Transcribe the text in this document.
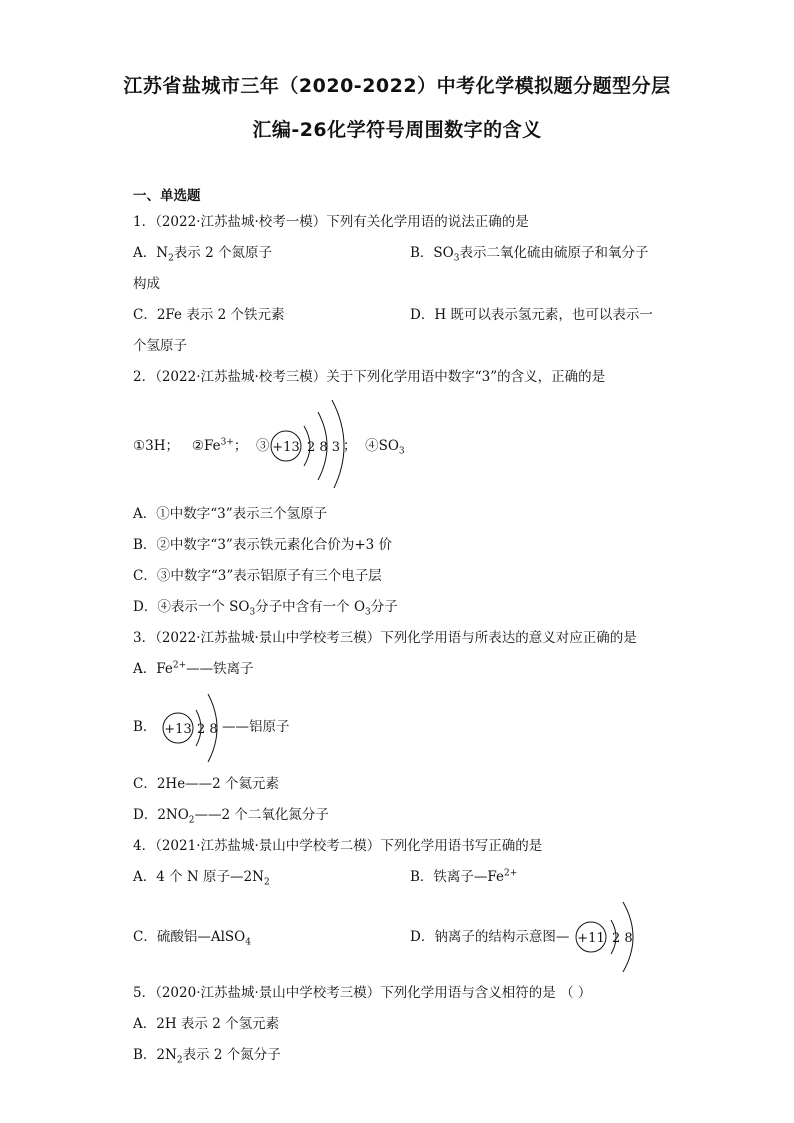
江苏省盐城市三年（2020-2022）中考化学模拟题分题型分层
汇编-26化学符号周围数字的含义
一、单选题
1．（2022·江苏盐城·校考一模）下列有关化学用语的说法正确的是
A．$N_2$表示 2 个氮原子	B．$SO_3$表示二氧化硫由硫原子和氧分子
构成
C．2Fe 表示 2 个铁元素	D．H 既可以表示氢元素，也可以表示一
个氢原子
2．（2022·江苏盐城·校考三模）关于下列化学用语中数字“3”的含义，正确的是
①3H； $②Fe^{3+}$； ③ +13 2 8 3 ； $④SO_3$
A．①中数字“3”表示三个氢原子
B．②中数字“3”表示铁元素化合价为+3 价
C．③中数字“3”表示铝原子有三个电子层
D．④表示一个 $SO_3$分子中含有一个 $O_3$分子
3．（2022·江苏盐城·景山中学校考三模）下列化学用语与所表达的意义对应正确的是
A．$Fe^{2+}——$铁离子
B． +13 2 8 ——铝原子
C．2He——2 个氦元素
D．$2NO_2——2$ 个二氧化氮分子
4．（2021·江苏盐城·景山中学校考二模）下列化学用语书写正确的是
A．4 个 N 原子$—2N_2$	B．铁离子$—Fe^{2+}$
C．硫酸铝—AlSO$_4$	D．钠离子的结构示意图— +11 2 8
5．（2020·江苏盐城·景山中学校考三模）下列化学用语与含义相符的是 （ ）
A．2H 表示 2 个氢元素
B．$2N_2$表示 2 个氮分子
